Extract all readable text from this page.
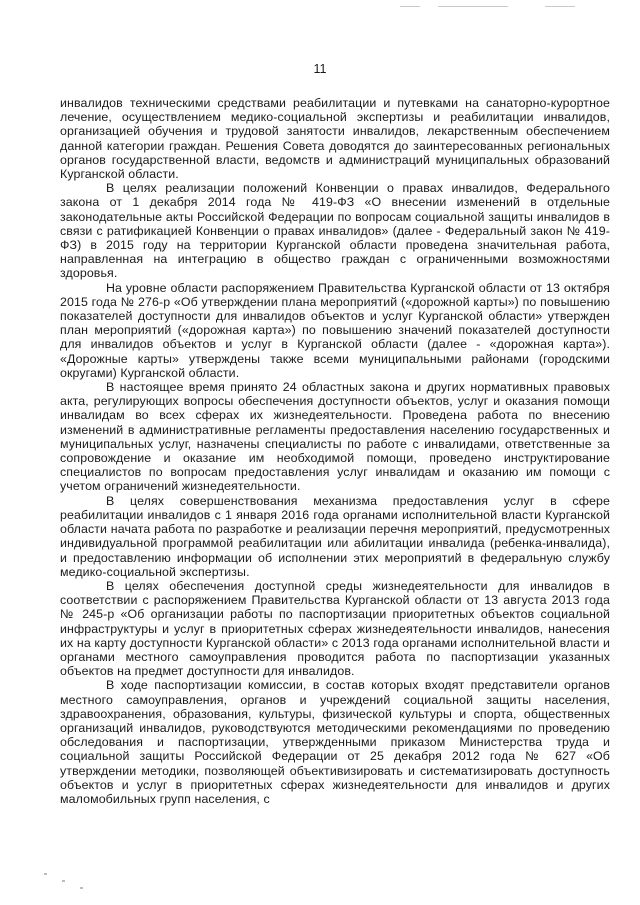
11

инвалидов техническими средствами реабилитации и путевками на санаторно-курортное лечение, осуществлением медико-социальной экспертизы и реабилитации инвалидов, организацией обучения и трудовой занятости инвалидов, лекарственным обеспечением данной категории граждан. Решения Совета доводятся до заинтересованных региональных органов государственной власти, ведомств и администраций муниципальных образований Курганской области.

В целях реализации положений Конвенции о правах инвалидов, Федерального закона от 1 декабря 2014 года № 419-ФЗ «О внесении изменений в отдельные законодательные акты Российской Федерации по вопросам социальной защиты инвалидов в связи с ратификацией Конвенции о правах инвалидов» (далее - Федеральный закон № 419-ФЗ) в 2015 году на территории Курганской области проведена значительная работа, направленная на интеграцию в общество граждан с ограниченными возможностями здоровья.

На уровне области распоряжением Правительства Курганской области от 13 октября 2015 года № 276-р «Об утверждении плана мероприятий («дорожной карты») по повышению показателей доступности для инвалидов объектов и услуг Курганской области» утвержден план мероприятий («дорожная карта») по повышению значений показателей доступности для инвалидов объектов и услуг в Курганской области (далее - «дорожная карта»). «Дорожные карты» утверждены также всеми муниципальными районами (городскими округами) Курганской области.

В настоящее время принято 24 областных закона и других нормативных правовых акта, регулирующих вопросы обеспечения доступности объектов, услуг и оказания помощи инвалидам во всех сферах их жизнедеятельности. Проведена работа по внесению изменений в административные регламенты предоставления населению государственных и муниципальных услуг, назначены специалисты по работе с инвалидами, ответственные за сопровождение и оказание им необходимой помощи, проведено инструктирование специалистов по вопросам предоставления услуг инвалидам и оказанию им помощи с учетом ограничений жизнедеятельности.

В целях совершенствования механизма предоставления услуг в сфере реабилитации инвалидов с 1 января 2016 года органами исполнительной власти Курганской области начата работа по разработке и реализации перечня мероприятий, предусмотренных индивидуальной программой реабилитации или абилитации инвалида (ребенка-инвалида), и предоставлению информации об исполнении этих мероприятий в федеральную службу медико-социальной экспертизы.

В целях обеспечения доступной среды жизнедеятельности для инвалидов в соответствии с распоряжением Правительства Курганской области от 13 августа 2013 года № 245-р «Об организации работы по паспортизации приоритетных объектов социальной инфраструктуры и услуг в приоритетных сферах жизнедеятельности инвалидов, нанесения их на карту доступности Курганской области» с 2013 года органами исполнительной власти и органами местного самоуправления проводится работа по паспортизации указанных объектов на предмет доступности для инвалидов.

В ходе паспортизации комиссии, в состав которых входят представители органов местного самоуправления, органов и учреждений социальной защиты населения, здравоохранения, образования, культуры, физической культуры и спорта, общественных организаций инвалидов, руководствуются методическими рекомендациями по проведению обследования и паспортизации, утвержденными приказом Министерства труда и социальной защиты Российской Федерации от 25 декабря 2012 года № 627 «Об утверждении методики, позволяющей объективизировать и систематизировать доступность объектов и услуг в приоритетных сферах жизнедеятельности для инвалидов и других маломобильных групп населения, с
